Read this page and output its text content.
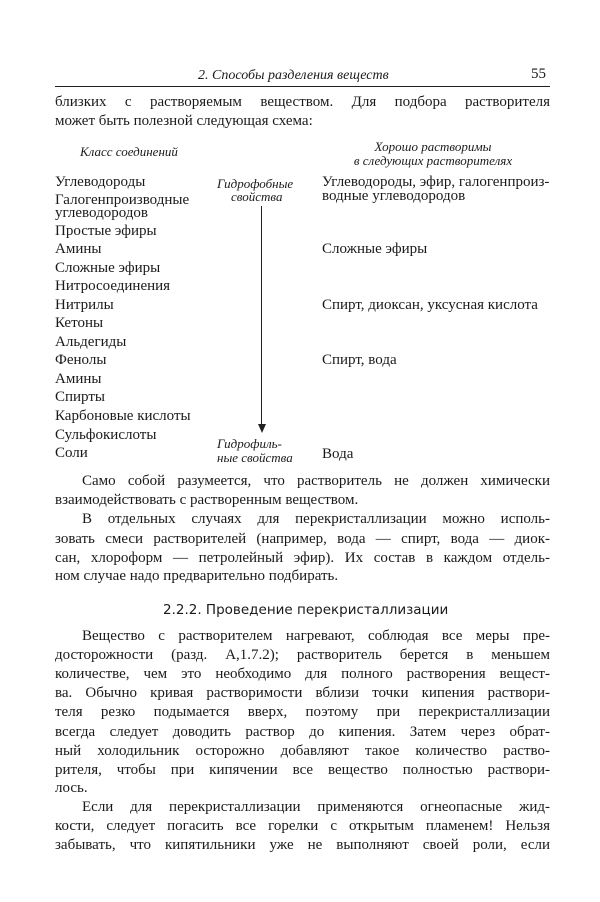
2. Способы разделения веществ	55
близких с растворяемым веществом. Для подбора растворителя
может быть полезной следующая схема:
Класс соединений	Хорошо растворимы
в следующих растворителях
Углеводороды
Галогенпроизводные
углеводородов
Простые эфиры
Амины
Сложные эфиры
Нитросоединения
Нитрилы
Кетоны
Альдегиды
Фенолы
Амины
Спирты
Карбоновые кислоты
Сульфокислоты
Соли
Гидрофобные
свойства
Гидрофиль-
ные свойства
Углеводороды, эфир, галогенпроиз-
водные углеводородов
Сложные эфиры
Спирт, диоксан, уксусная кислота
Спирт, вода
Вода
Само собой разумеется, что растворитель не должен химически
взаимодействовать с растворенным веществом.
В отдельных случаях для перекристаллизации можно исполь-
зовать смеси растворителей (например, вода — спирт, вода — диок-
сан, хлороформ — петролейный эфир). Их состав в каждом отдель-
ном случае надо предварительно подбирать.
2.2.2. Проведение перекристаллизации
Вещество с растворителем нагревают, соблюдая все меры пре-
досторожности (разд. А,1.7.2); растворитель берется в меньшем
количестве, чем это необходимо для полного растворения вещест-
ва. Обычно кривая растворимости вблизи точки кипения раствори-
теля резко подымается вверх, поэтому при перекристаллизации
всегда следует доводить раствор до кипения. Затем через обрат-
ный холодильник осторожно добавляют такое количество раство-
рителя, чтобы при кипячении все вещество полностью раствори-
лось.
Если для перекристаллизации применяются огнеопасные жид-
кости, следует погасить все горелки с открытым пламенем! Нельзя
забывать, что кипятильники уже не выполняют своей роли, если
